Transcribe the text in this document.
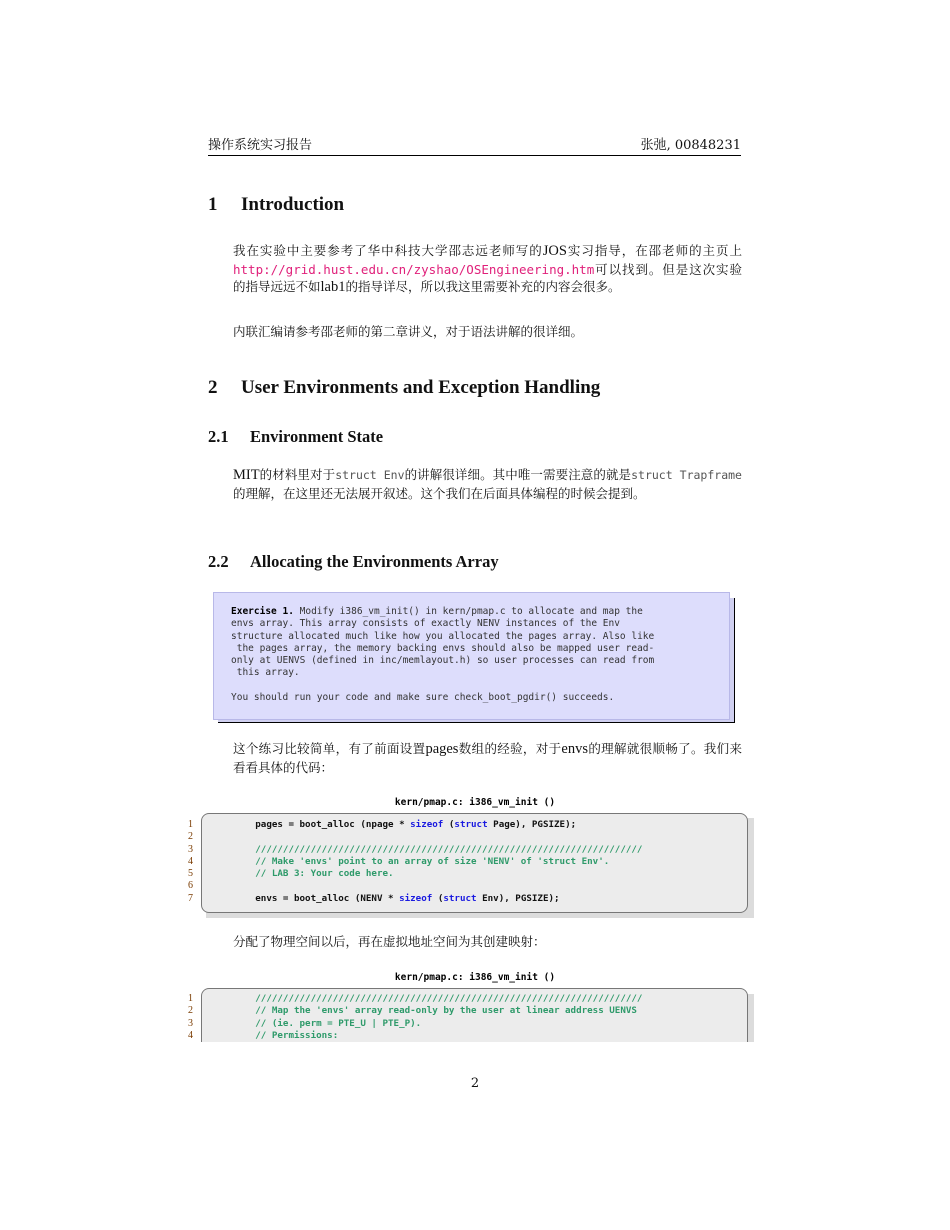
操作系统实习报告	张弛, 00848231
1 Introduction
我在实验中主要参考了华中科技大学邵志远老师写的JOS实习指导，在邵老师的主页上http://grid.hust.edu.cn/zyshao/OSEngineering.htm可以找到。但是这次实验的指导远远不如lab1的指导详尽，所以我这里需要补充的内容会很多。
内联汇编请参考邵老师的第二章讲义，对于语法讲解的很详细。
2 User Environments and Exception Handling
2.1 Environment State
MIT的材料里对于struct Env的讲解很详细。其中唯一需要注意的就是struct Trapframe的理解，在这里还无法展开叙述。这个我们在后面具体编程的时候会提到。
2.2 Allocating the Environments Array
Exercise 1. Modify i386_vm_init() in kern/pmap.c to allocate and map the
envs array. This array consists of exactly NENV instances of the Env
structure allocated much like how you allocated the pages array. Also like
the pages array, the memory backing envs should also be mapped user read-
only at UENVS (defined in inc/memlayout.h) so user processes can read from
this array.

You should run your code and make sure check_boot_pgdir() succeeds.
这个练习比较简单，有了前面设置pages数组的经验，对于envs的理解就很顺畅了。我们来看看具体的代码：
kern/pmap.c: i386_vm_init ()
1
2
3
4
5
6
7
pages = boot_alloc (npage * sizeof (struct Page), PGSIZE);

//////////////////////////////////////////////////////////////////////
// Make 'envs' point to an array of size 'NENV' of 'struct Env'.
// LAB 3: Your code here.

envs = boot_alloc (NENV * sizeof (struct Env), PGSIZE);
分配了物理空间以后，再在虚拟地址空间为其创建映射：
kern/pmap.c: i386_vm_init ()
1
2
3
4
//////////////////////////////////////////////////////////////////////
// Map the 'envs' array read-only by the user at linear address UENVS
// (ie. perm = PTE_U | PTE_P).
// Permissions:
2
